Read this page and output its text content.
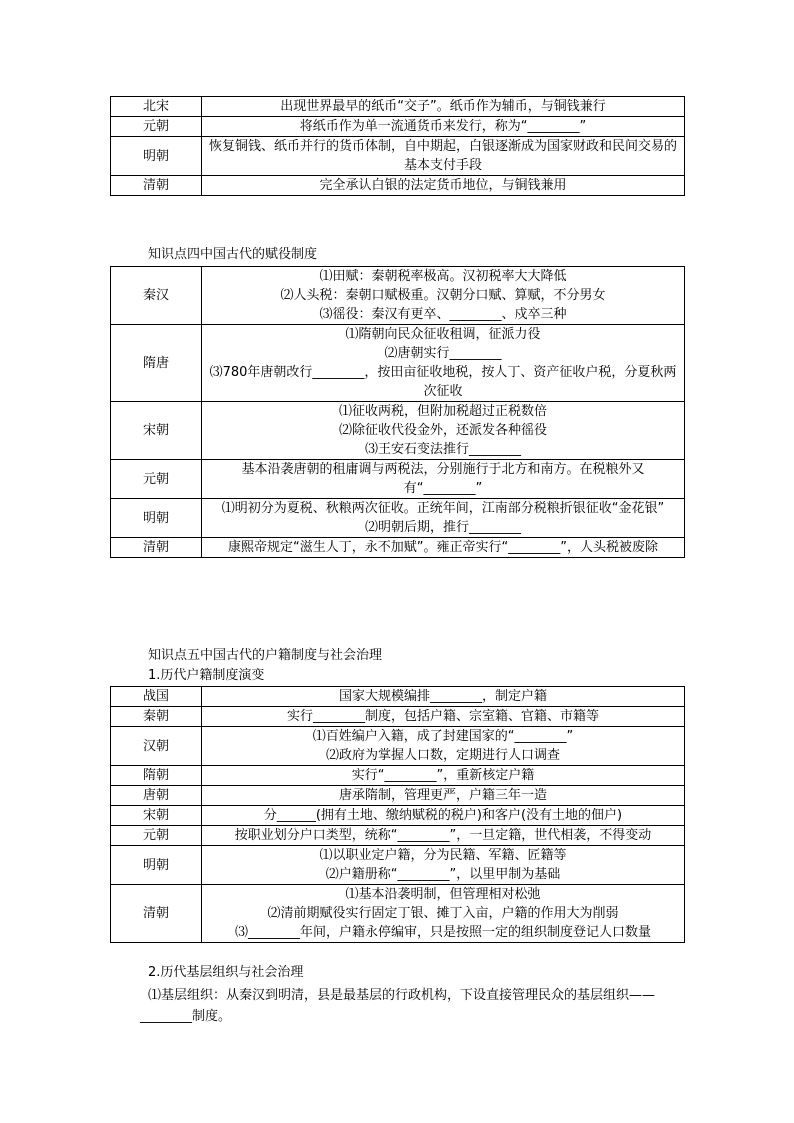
北宋	出现世界最早的纸币“交子”。纸币作为辅币，与铜钱兼行

元朝	将纸币作为单一流通货币来发行，称为“________”

明朝	恢复铜钱、纸币并行的货币体制，自中期起，白银逐渐成为国家财政和民间交易的基本支付手段

清朝	完全承认白银的法定货币地位，与铜钱兼用
知识点四中国古代的赋役制度
秦汉	⑴田赋：秦朝税率极高。汉初税率大大降低
⑵人头税：秦朝口赋极重。汉朝分口赋、算赋，不分男女
⑶徭役：秦汉有更卒、________、戍卒三种

隋唐	⑴隋朝向民众征收租调，征派力役
⑵唐朝实行________
⑶780年唐朝改行________，按田亩征收地税，按人丁、资产征收户税，分夏秋两次征收

宋朝	⑴征收两税，但附加税超过正税数倍
⑵除征收代役金外，还派发各种徭役
⑶王安石变法推行________

元朝	基本沿袭唐朝的租庸调与两税法，分别施行于北方和南方。在税粮外又有“________”

明朝	⑴明初分为夏税、秋粮两次征收。正统年间，江南部分税粮折银征收“金花银”
⑵明朝后期，推行________

清朝	康熙帝规定“滋生人丁，永不加赋”。雍正帝实行“________”，人头税被废除
知识点五中国古代的户籍制度与社会治理
1.历代户籍制度演变
战国	国家大规模编排________，制定户籍

秦朝	实行________制度，包括户籍、宗室籍、官籍、市籍等

汉朝	⑴百姓编户入籍，成了封建国家的“________”
⑵政府为掌握人口数，定期进行人口调查

隋朝	实行“________”，重新核定户籍

唐朝	唐承隋制，管理更严，户籍三年一造

宋朝	分______(拥有土地、缴纳赋税的税户)和客户(没有土地的佃户)

元朝	按职业划分户口类型，统称“________”，一旦定籍，世代相袭，不得变动

明朝	⑴以职业定户籍，分为民籍、军籍、匠籍等
⑵户籍册称“________”，以里甲制为基础

清朝	⑴基本沿袭明制，但管理相对松弛
⑵清前期赋役实行固定丁银、摊丁入亩，户籍的作用大为削弱
⑶________年间，户籍永停编审，只是按照一定的组织制度登记人口数量
2.历代基层组织与社会治理
⑴基层组织：从秦汉到明清，县是最基层的行政机构，下设直接管理民众的基层组织——________制度。
